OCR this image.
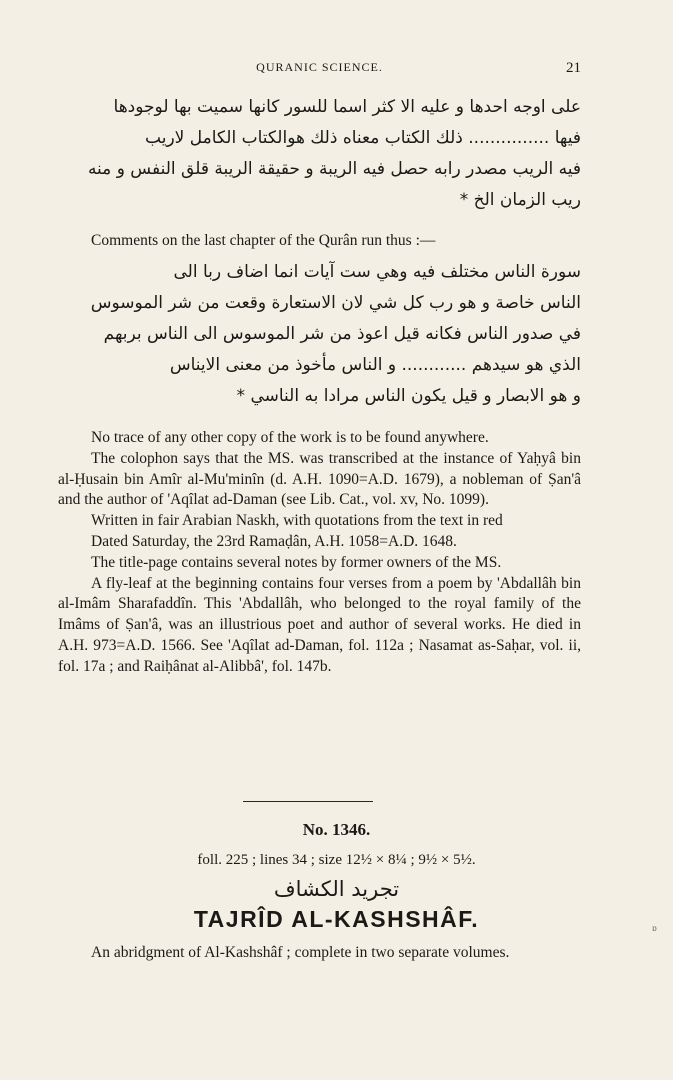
QURANIC SCIENCE.	21
على اوجه احدها و عليه الا كثر اسما للسور كانها سميت بها لوجودها
فيها ............... ذلك الكتاب معناه ذلك هوالكتاب الكامل لاريب
فيه الريب مصدر رابه حصل فيه الريبة و حقيقة الريبة قلق النفس و منه
ريب الزمان الخ *
Comments on the last chapter of the Qurân run thus :—
سورة الناس مختلف فيه وهي ست آيات انما اضاف ربا الى
الناس خاصة و هو رب كل شي لان الاستعارة وقعت من شر الموسوس
في صدور الناس فكانه قيل اعوذ من شر الموسوس الى الناس بربهم
الذي هو سيدهم ............ و الناس مأخوذ من معنى الايناس
و هو الابصار و قيل يكون الناس مرادا به الناسي *

No trace of any other copy of the work is to be found anywhere.

The colophon says that the MS. was transcribed at the instance of Yaḥyâ bin al-Ḥusain bin Amîr al-Mu'minîn (d. A.H. 1090=A.D. 1679), a nobleman of Ṣan'â and the author of 'Aqîlat ad-Daman (see Lib. Cat., vol. xv, No. 1099).

Written in fair Arabian Naskh, with quotations from the text in red

Dated Saturday, the 23rd Ramaḍân, A.H. 1058=A.D. 1648.

The title-page contains several notes by former owners of the MS.

A fly-leaf at the beginning contains four verses from a poem by 'Abdallâh bin al-Imâm Sharafaddîn. This 'Abdallâh, who belonged to the royal family of the Imâms of Ṣan'â, was an illustrious poet and author of several works. He died in A.H. 973=A.D. 1566. See 'Aqîlat ad-Daman, fol. 112a ; Nasamat as-Saḥar, vol. ii, fol. 17a ; and Raiḥânat al-Alibbâ', fol. 147b.

No. 1346.
foll. 225 ; lines 34 ; size 12½ × 8¼ ; 9½ × 5½.
تجريد الكشاف
TAJRÎD AL-KASHSHÂF.

An abridgment of Al-Kashshâf ; complete in two separate volumes.

ɒ
